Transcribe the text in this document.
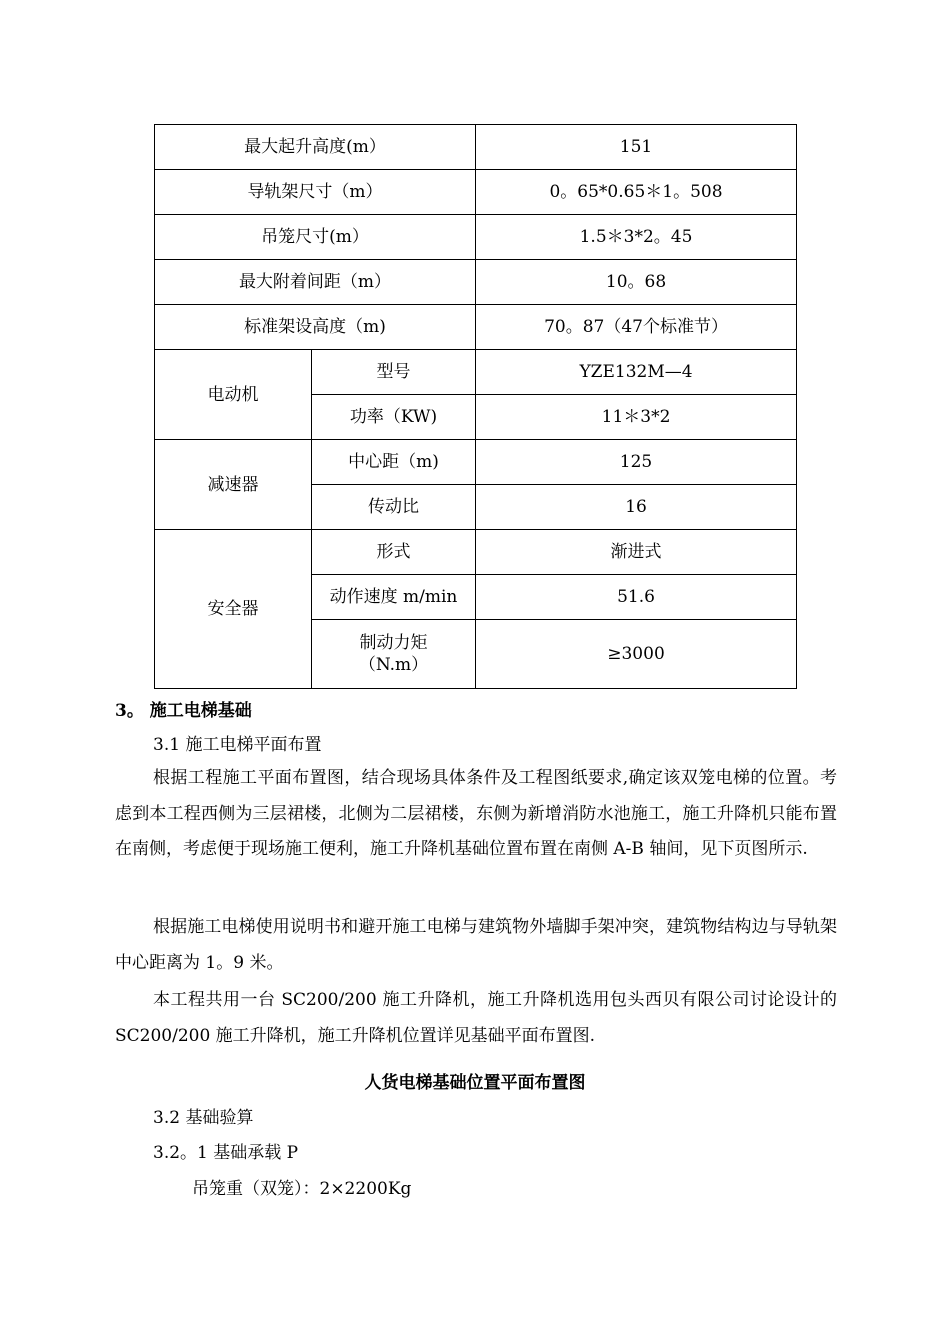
最大起升高度(m）		151
导轨架尺寸（m）		0。65*0.65＊1。508
吊笼尺寸(m）		1.5＊3*2。45
最大附着间距（m）		10。68
标准架设高度（m)		70。87（47个标准节）
电动机	型号	YZE132M—4
	功率（KW)	11＊3*2
减速器	中心距（m)	125
	传动比	16
安全器	形式	渐进式
	动作速度 m/min	51.6

	制动力矩
（N.m）	≥3000
3。 施工电梯基础
3.1 施工电梯平面布置

根据工程施工平面布置图，结合现场具体条件及工程图纸要求,确定该双笼电梯的位置。考虑到本工程西侧为三层裙楼，北侧为二层裙楼，东侧为新增消防水池施工，施工升降机只能布置在南侧，考虑便于现场施工便利，施工升降机基础位置布置在南侧 A-B 轴间，见下页图所示.

根据施工电梯使用说明书和避开施工电梯与建筑物外墙脚手架冲突，建筑物结构边与导轨架中心距离为 1。9 米。

本工程共用一台 SC200/200 施工升降机，施工升降机选用包头西贝有限公司讨论设计的 SC200/200 施工升降机，施工升降机位置详见基础平面布置图.

人货电梯基础位置平面布置图
3.2 基础验算
3.2。1 基础承载 P
吊笼重（双笼）：2×2200Kg
